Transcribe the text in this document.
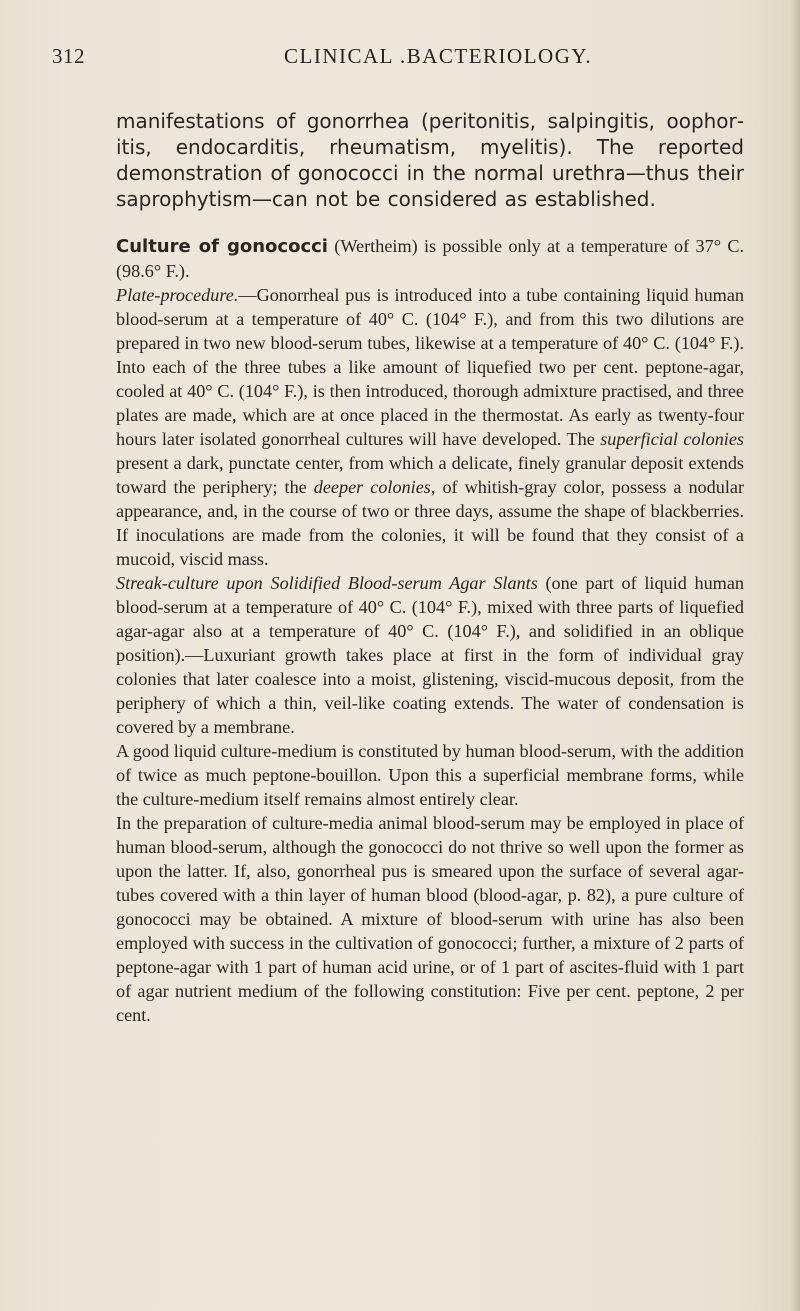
312	CLINICAL .BACTERIOLOGY.

manifestations of gonorrhea (peritonitis, salpingitis, oophoritis, endocarditis, rheumatism, myelitis). The reported demonstration of gonococci in the normal urethra—thus their saprophytism—can not be considered as established.

Culture of gonococci (Wertheim) is possible only at a temperature of 37° C. (98.6° F.).

Plate-procedure.—Gonorrheal pus is introduced into a tube containing liquid human blood-serum at a temperature of 40° C. (104° F.), and from this two dilutions are prepared in two new blood-serum tubes, likewise at a temperature of 40° C. (104° F.). Into each of the three tubes a like amount of liquefied two per cent. peptone-agar, cooled at 40° C. (104° F.), is then introduced, thorough admixture practised, and three plates are made, which are at once placed in the thermostat. As early as twenty-four hours later isolated gonorrheal cultures will have developed. The superficial colonies present a dark, punctate center, from which a delicate, finely granular deposit extends toward the periphery; the deeper colonies, of whitish-gray color, possess a nodular appearance, and, in the course of two or three days, assume the shape of blackberries. If inoculations are made from the colonies, it will be found that they consist of a mucoid, viscid mass.

Streak-culture upon Solidified Blood-serum Agar Slants (one part of liquid human blood-serum at a temperature of 40° C. (104° F.), mixed with three parts of liquefied agar-agar also at a temperature of 40° C. (104° F.), and solidified in an oblique position).—Luxuriant growth takes place at first in the form of individual gray colonies that later coalesce into a moist, glistening, viscid-mucous deposit, from the periphery of which a thin, veil-like coating extends. The water of condensation is covered by a membrane.

A good liquid culture-medium is constituted by human blood-serum, with the addition of twice as much peptone-bouillon. Upon this a superficial membrane forms, while the culture-medium itself remains almost entirely clear.

In the preparation of culture-media animal blood-serum may be employed in place of human blood-serum, although the gonococci do not thrive so well upon the former as upon the latter. If, also, gonorrheal pus is smeared upon the surface of several agar-tubes covered with a thin layer of human blood (blood-agar, p. 82), a pure culture of gonococci may be obtained. A mixture of blood-serum with urine has also been employed with success in the cultivation of gonococci; further, a mixture of 2 parts of peptone-agar with 1 part of human acid urine, or of 1 part of ascites-fluid with 1 part of agar nutrient medium of the following constitution: Five per cent. peptone, 2 per cent.
